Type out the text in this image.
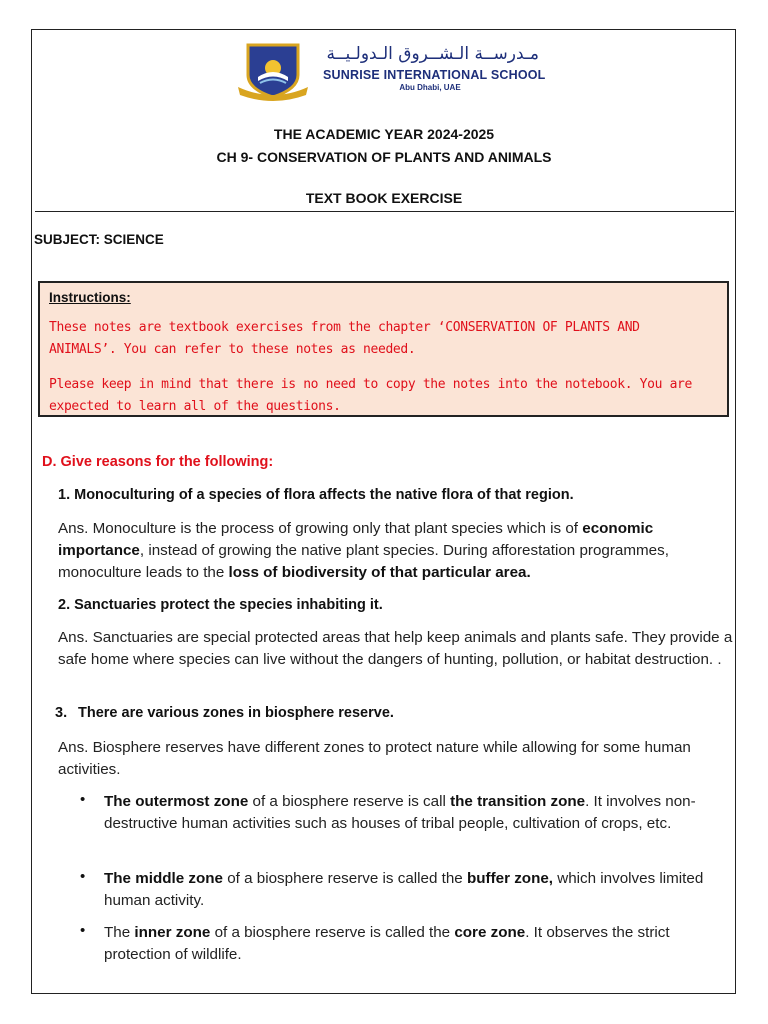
مـدرســة الـشــروق الـدولـيــة
SUNRISE INTERNATIONAL SCHOOL
Abu Dhabi, UAE
THE ACADEMIC YEAR 2024-2025
CH 9- CONSERVATION OF PLANTS AND ANIMALS
TEXT BOOK EXERCISE
SUBJECT: SCIENCE
Instructions:
These notes are textbook exercises from the chapter ‘CONSERVATION OF PLANTS AND ANIMALS’. You can refer to these notes as needed.
Please keep in mind that there is no need to copy the notes into the notebook. You are expected to learn all of the questions.
D. Give reasons for the following:
1. Monoculturing of a species of flora affects the native flora of that region.
Ans. Monoculture is the process of growing only that plant species which is of economic importance, instead of growing the native plant species. During afforestation programmes, monoculture leads to the loss of biodiversity of that particular area.
2. Sanctuaries protect the species inhabiting it.
Ans. Sanctuaries are special protected areas that help keep animals and plants safe. They provide a safe home where species can live without the dangers of hunting, pollution, or habitat destruction. .
3. There are various zones in biosphere reserve.
Ans. Biosphere reserves have different zones to protect nature while allowing for some human activities.
• The outermost zone of a biosphere reserve is call the transition zone. It involves non-destructive human activities such as houses of tribal people, cultivation of crops, etc.
• The middle zone of a biosphere reserve is called the buffer zone, which involves limited human activity.
• The inner zone of a biosphere reserve is called the core zone. It observes the strict protection of wildlife.
